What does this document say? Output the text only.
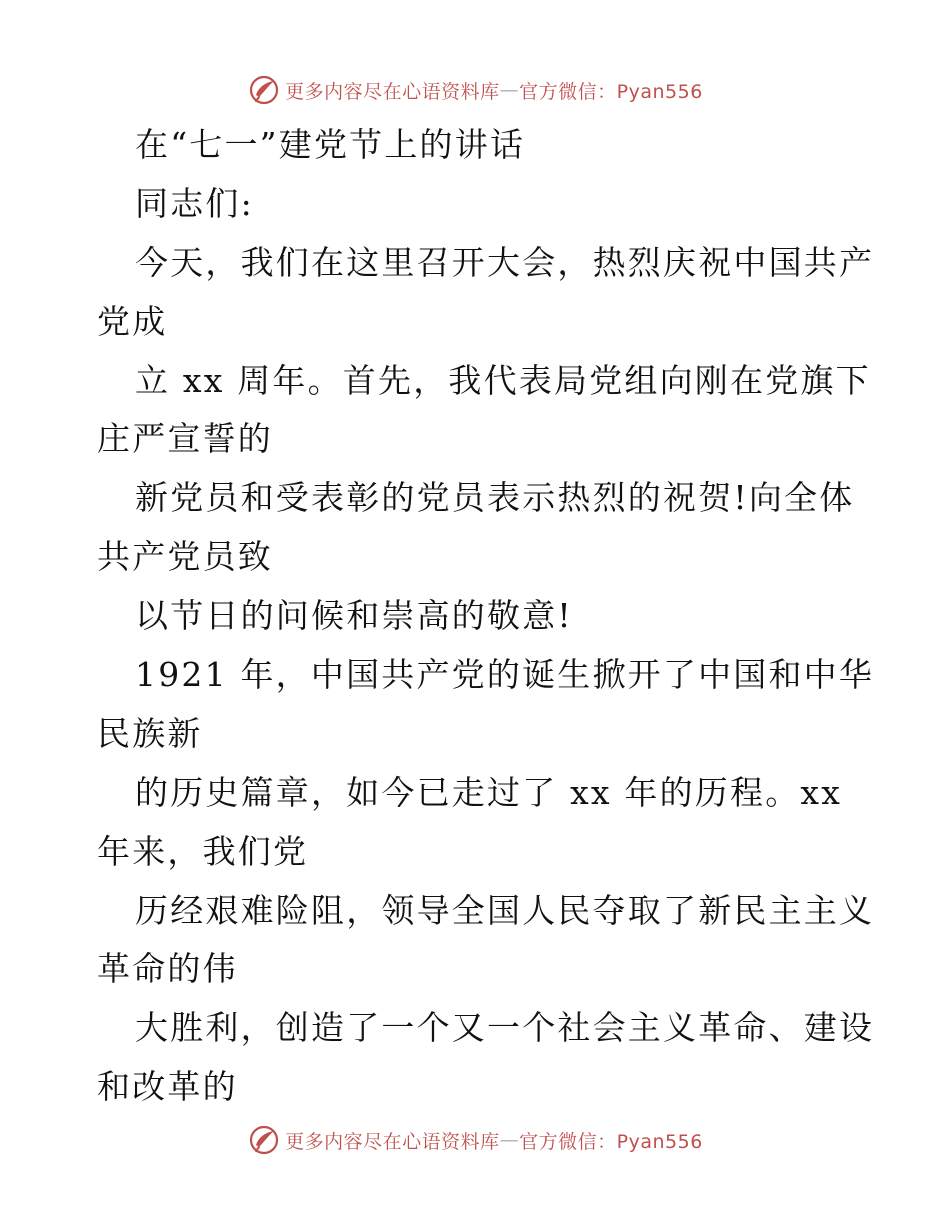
更多内容尽在心语资料库 — 官方微信：Pyan556
在“七一”建党节上的讲话
同志们:
今天，我们在这里召开大会，热烈庆祝中国共产
党成
立 xx 周年。首先，我代表局党组向刚在党旗下
庄严宣誓的
新党员和受表彰的党员表示热烈的祝贺!向全体
共产党员致
以节日的问候和崇高的敬意!
1921 年，中国共产党的诞生掀开了中国和中华
民族新
的历史篇章，如今已走过了 xx 年的历程。xx
年来，我们党
历经艰难险阻，领导全国人民夺取了新民主主义
革命的伟
大胜利，创造了一个又一个社会主义革命、建设
和改革的
更多内容尽在心语资料库 — 官方微信：Pyan556
